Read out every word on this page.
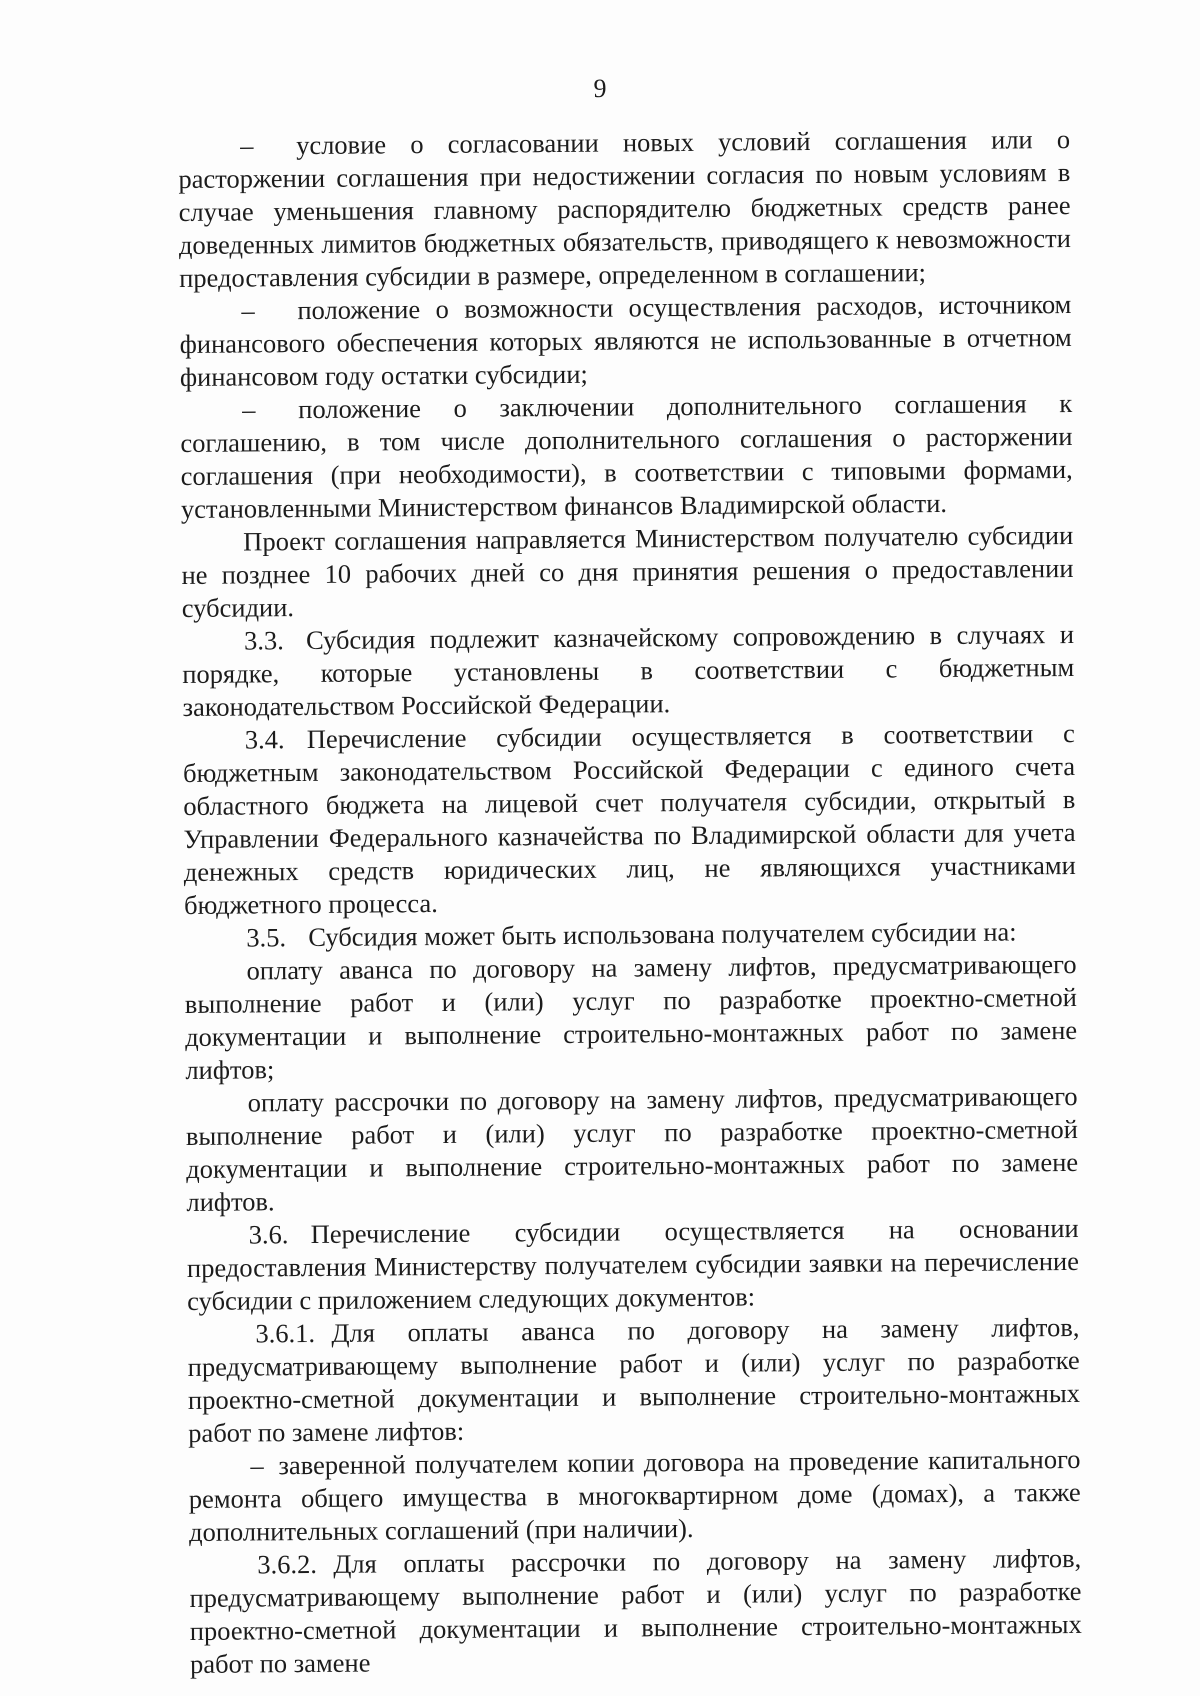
9

– условие о согласовании новых условий соглашения или о расторжении соглашения при недостижении согласия по новым условиям в случае уменьшения главному распорядителю бюджетных средств ранее доведенных лимитов бюджетных обязательств, приводящего к невозможности предоставления субсидии в размере, определенном в соглашении;

– положение о возможности осуществления расходов, источником финансового обеспечения которых являются не использованные в отчетном финансовом году остатки субсидии;

– положение о заключении дополнительного соглашения к соглашению, в том числе дополнительного соглашения о расторжении соглашения (при необходимости), в соответствии с типовыми формами, установленными Министерством финансов Владимирской области.

Проект соглашения направляется Министерством получателю субсидии не позднее 10 рабочих дней со дня принятия решения о предоставлении субсидии.

3.3. Субсидия подлежит казначейскому сопровождению в случаях и порядке, которые установлены в соответствии с бюджетным законодательством Российской Федерации.

3.4. Перечисление субсидии осуществляется в соответствии с бюджетным законодательством Российской Федерации с единого счета областного бюджета на лицевой счет получателя субсидии, открытый в Управлении Федерального казначейства по Владимирской области для учета денежных средств юридических лиц, не являющихся участниками бюджетного процесса.

3.5. Субсидия может быть использована получателем субсидии на:

оплату аванса по договору на замену лифтов, предусматривающего выполнение работ и (или) услуг по разработке проектно-сметной документации и выполнение строительно-монтажных работ по замене лифтов;

оплату рассрочки по договору на замену лифтов, предусматривающего выполнение работ и (или) услуг по разработке проектно-сметной документации и выполнение строительно-монтажных работ по замене лифтов.

3.6. Перечисление субсидии осуществляется на основании предоставления Министерству получателем субсидии заявки на перечисление субсидии с приложением следующих документов:

3.6.1. Для оплаты аванса по договору на замену лифтов, предусматривающему выполнение работ и (или) услуг по разработке проектно-сметной документации и выполнение строительно-монтажных работ по замене лифтов:

– заверенной получателем копии договора на проведение капитального ремонта общего имущества в многоквартирном доме (домах), а также дополнительных соглашений (при наличии).

3.6.2. Для оплаты рассрочки по договору на замену лифтов, предусматривающему выполнение работ и (или) услуг по разработке проектно-сметной документации и выполнение строительно-монтажных работ по замене
